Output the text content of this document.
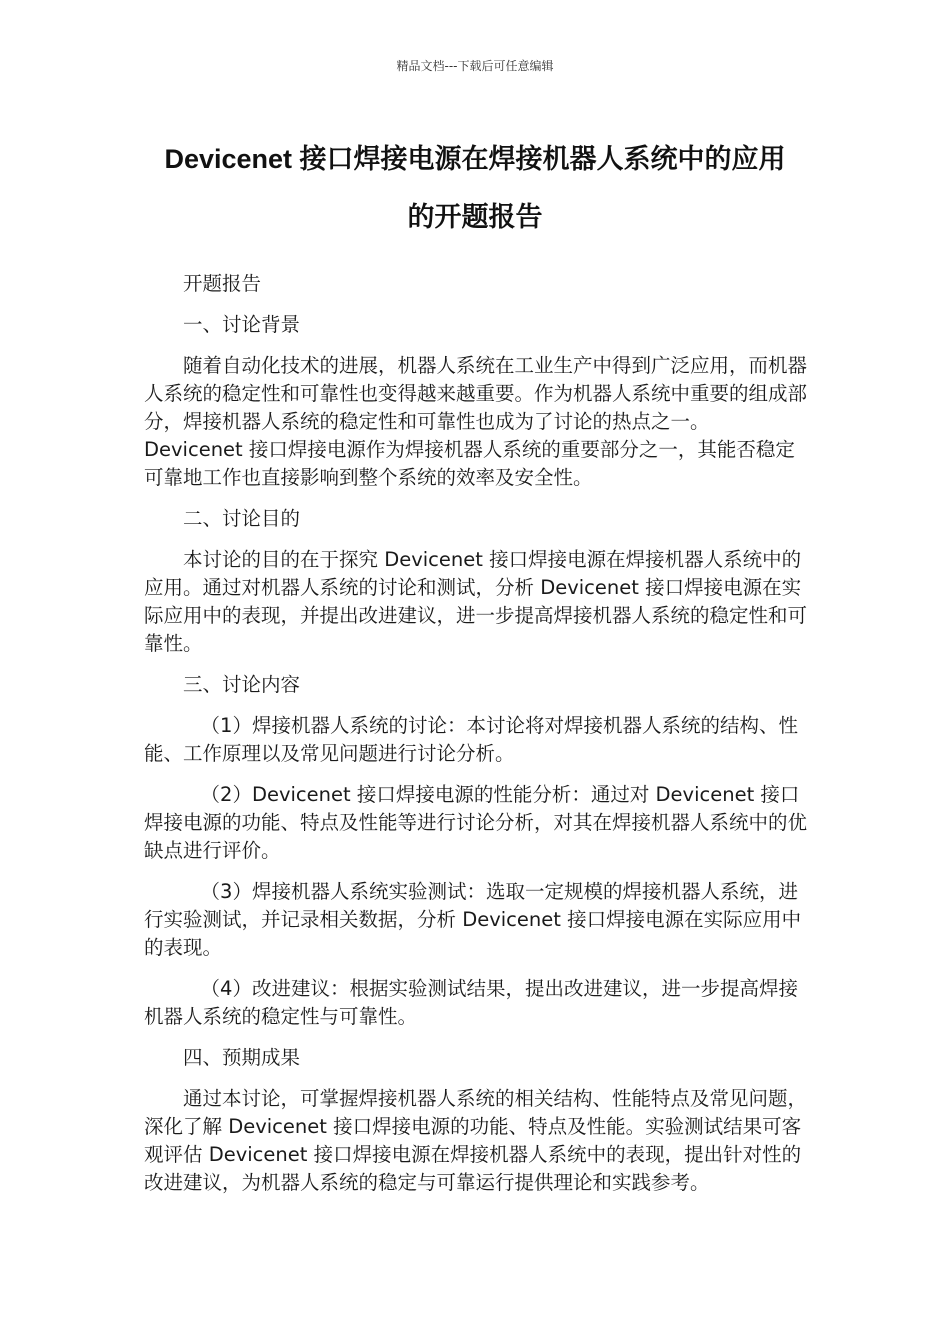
精品文档---下载后可任意编辑
Devicenet 接口焊接电源在焊接机器人系统中的应用
的开题报告

开题报告

一、讨论背景

随着自动化技术的进展，机器人系统在工业生产中得到广泛应用，而机器人系统的稳定性和可靠性也变得越来越重要。作为机器人系统中重要的组成部分，焊接机器人系统的稳定性和可靠性也成为了讨论的热点之一。Devicenet 接口焊接电源作为焊接机器人系统的重要部分之一，其能否稳定可靠地工作也直接影响到整个系统的效率及安全性。

二、讨论目的

本讨论的目的在于探究 Devicenet 接口焊接电源在焊接机器人系统中的应用。通过对机器人系统的讨论和测试，分析 Devicenet 接口焊接电源在实际应用中的表现，并提出改进建议，进一步提高焊接机器人系统的稳定性和可靠性。

三、讨论内容

（1）焊接机器人系统的讨论：本讨论将对焊接机器人系统的结构、性能、工作原理以及常见问题进行讨论分析。

（2）Devicenet 接口焊接电源的性能分析：通过对 Devicenet 接口焊接电源的功能、特点及性能等进行讨论分析，对其在焊接机器人系统中的优缺点进行评价。

（3）焊接机器人系统实验测试：选取一定规模的焊接机器人系统，进行实验测试，并记录相关数据，分析 Devicenet 接口焊接电源在实际应用中的表现。

（4）改进建议：根据实验测试结果，提出改进建议，进一步提高焊接机器人系统的稳定性与可靠性。

四、预期成果

通过本讨论，可掌握焊接机器人系统的相关结构、性能特点及常见问题，深化了解 Devicenet 接口焊接电源的功能、特点及性能。实验测试结果可客观评估 Devicenet 接口焊接电源在焊接机器人系统中的表现，提出针对性的改进建议，为机器人系统的稳定与可靠运行提供理论和实践参考。
